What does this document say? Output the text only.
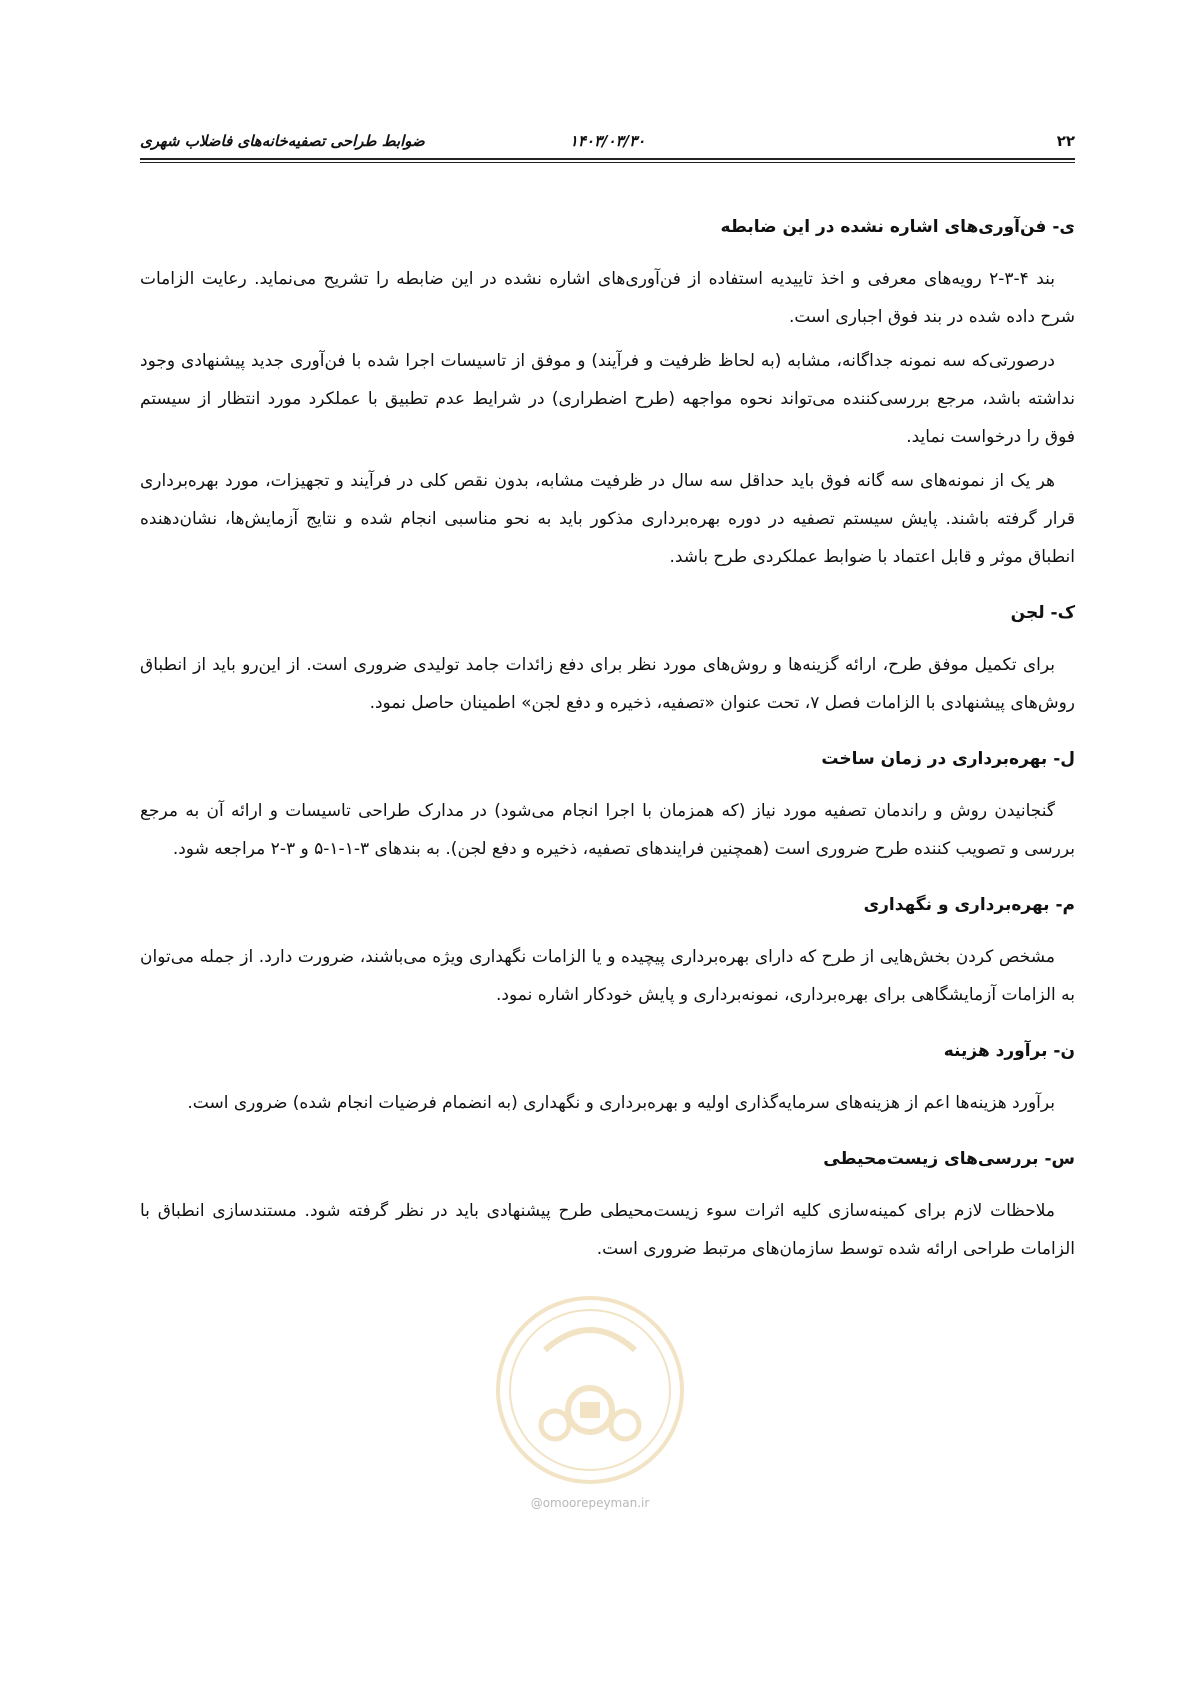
۲۲
۱۴۰۳/۰۳/۳۰
ضوابط طراحی تصفیه‌خانه‌های فاضلاب شهری
ی- فن‌آوری‌های اشاره نشده در این ضابطه

بند ۴-۳-۲ رویه‌های معرفی و اخذ تاییدیه استفاده از فن‌آوری‌های اشاره نشده در این ضابطه را تشریح می‌نماید. رعایت الزامات شرح داده شده در بند فوق اجباری است.

درصورتی‌که سه نمونه جداگانه، مشابه (به لحاظ ظرفیت و فرآیند) و موفق از تاسیسات اجرا شده با فن‌آوری جدید پیشنهادی وجود نداشته باشد، مرجع بررسی‌کننده می‌تواند نحوه مواجهه (طرح اضطراری) در شرایط عدم تطبیق با عملکرد مورد انتظار از سیستم فوق را درخواست نماید.

هر یک از نمونه‌های سه گانه فوق باید حداقل سه سال در ظرفیت مشابه، بدون نقص کلی در فرآیند و تجهیزات، مورد بهره‌برداری قرار گرفته باشند. پایش سیستم تصفیه در دوره بهره‌برداری مذکور باید به نحو مناسبی انجام شده و نتایج آزمایش‌ها، نشان‌دهنده انطباق موثر و قابل اعتماد با ضوابط عملکردی طرح باشد.

ک- لجن

برای تکمیل موفق طرح، ارائه گزینه‌ها و روش‌های مورد نظر برای دفع زائدات جامد تولیدی ضروری است. از این‌رو باید از انطباق روش‌های پیشنهادی با الزامات فصل ۷، تحت عنوان «تصفیه، ذخیره و دفع لجن» اطمینان حاصل نمود.

ل- بهره‌برداری در زمان ساخت

گنجانیدن روش و راندمان تصفیه مورد نیاز (که همزمان با اجرا انجام می‌شود) در مدارک طراحی تاسیسات و ارائه آن به مرجع بررسی و تصویب کننده طرح ضروری است (همچنین فرایندهای تصفیه، ذخیره و دفع لجن). به بندهای ۳-۱-۱-۵ و ۳-۲ مراجعه شود.

م- بهره‌برداری و نگهداری

مشخص کردن بخش‌هایی از طرح که دارای بهره‌برداری پیچیده و یا الزامات نگهداری ویژه می‌باشند، ضرورت دارد. از جمله می‌توان به الزامات آزمایشگاهی برای بهره‌برداری، نمونه‌برداری و پایش خودکار اشاره نمود.

ن- برآورد هزینه

برآورد هزینه‌ها اعم از هزینه‌های سرمایه‌گذاری اولیه و بهره‌برداری و نگهداری (به انضمام فرضیات انجام شده) ضروری است.

س- بررسی‌های زیست‌محیطی

ملاحظات لازم برای کمینه‌سازی کلیه اثرات سوء زیست‌محیطی طرح پیشنهادی باید در نظر گرفته شود. مستندسازی انطباق با الزامات طراحی ارائه شده توسط سازمان‌های مرتبط ضروری است.

@omoorepeyman.ir
